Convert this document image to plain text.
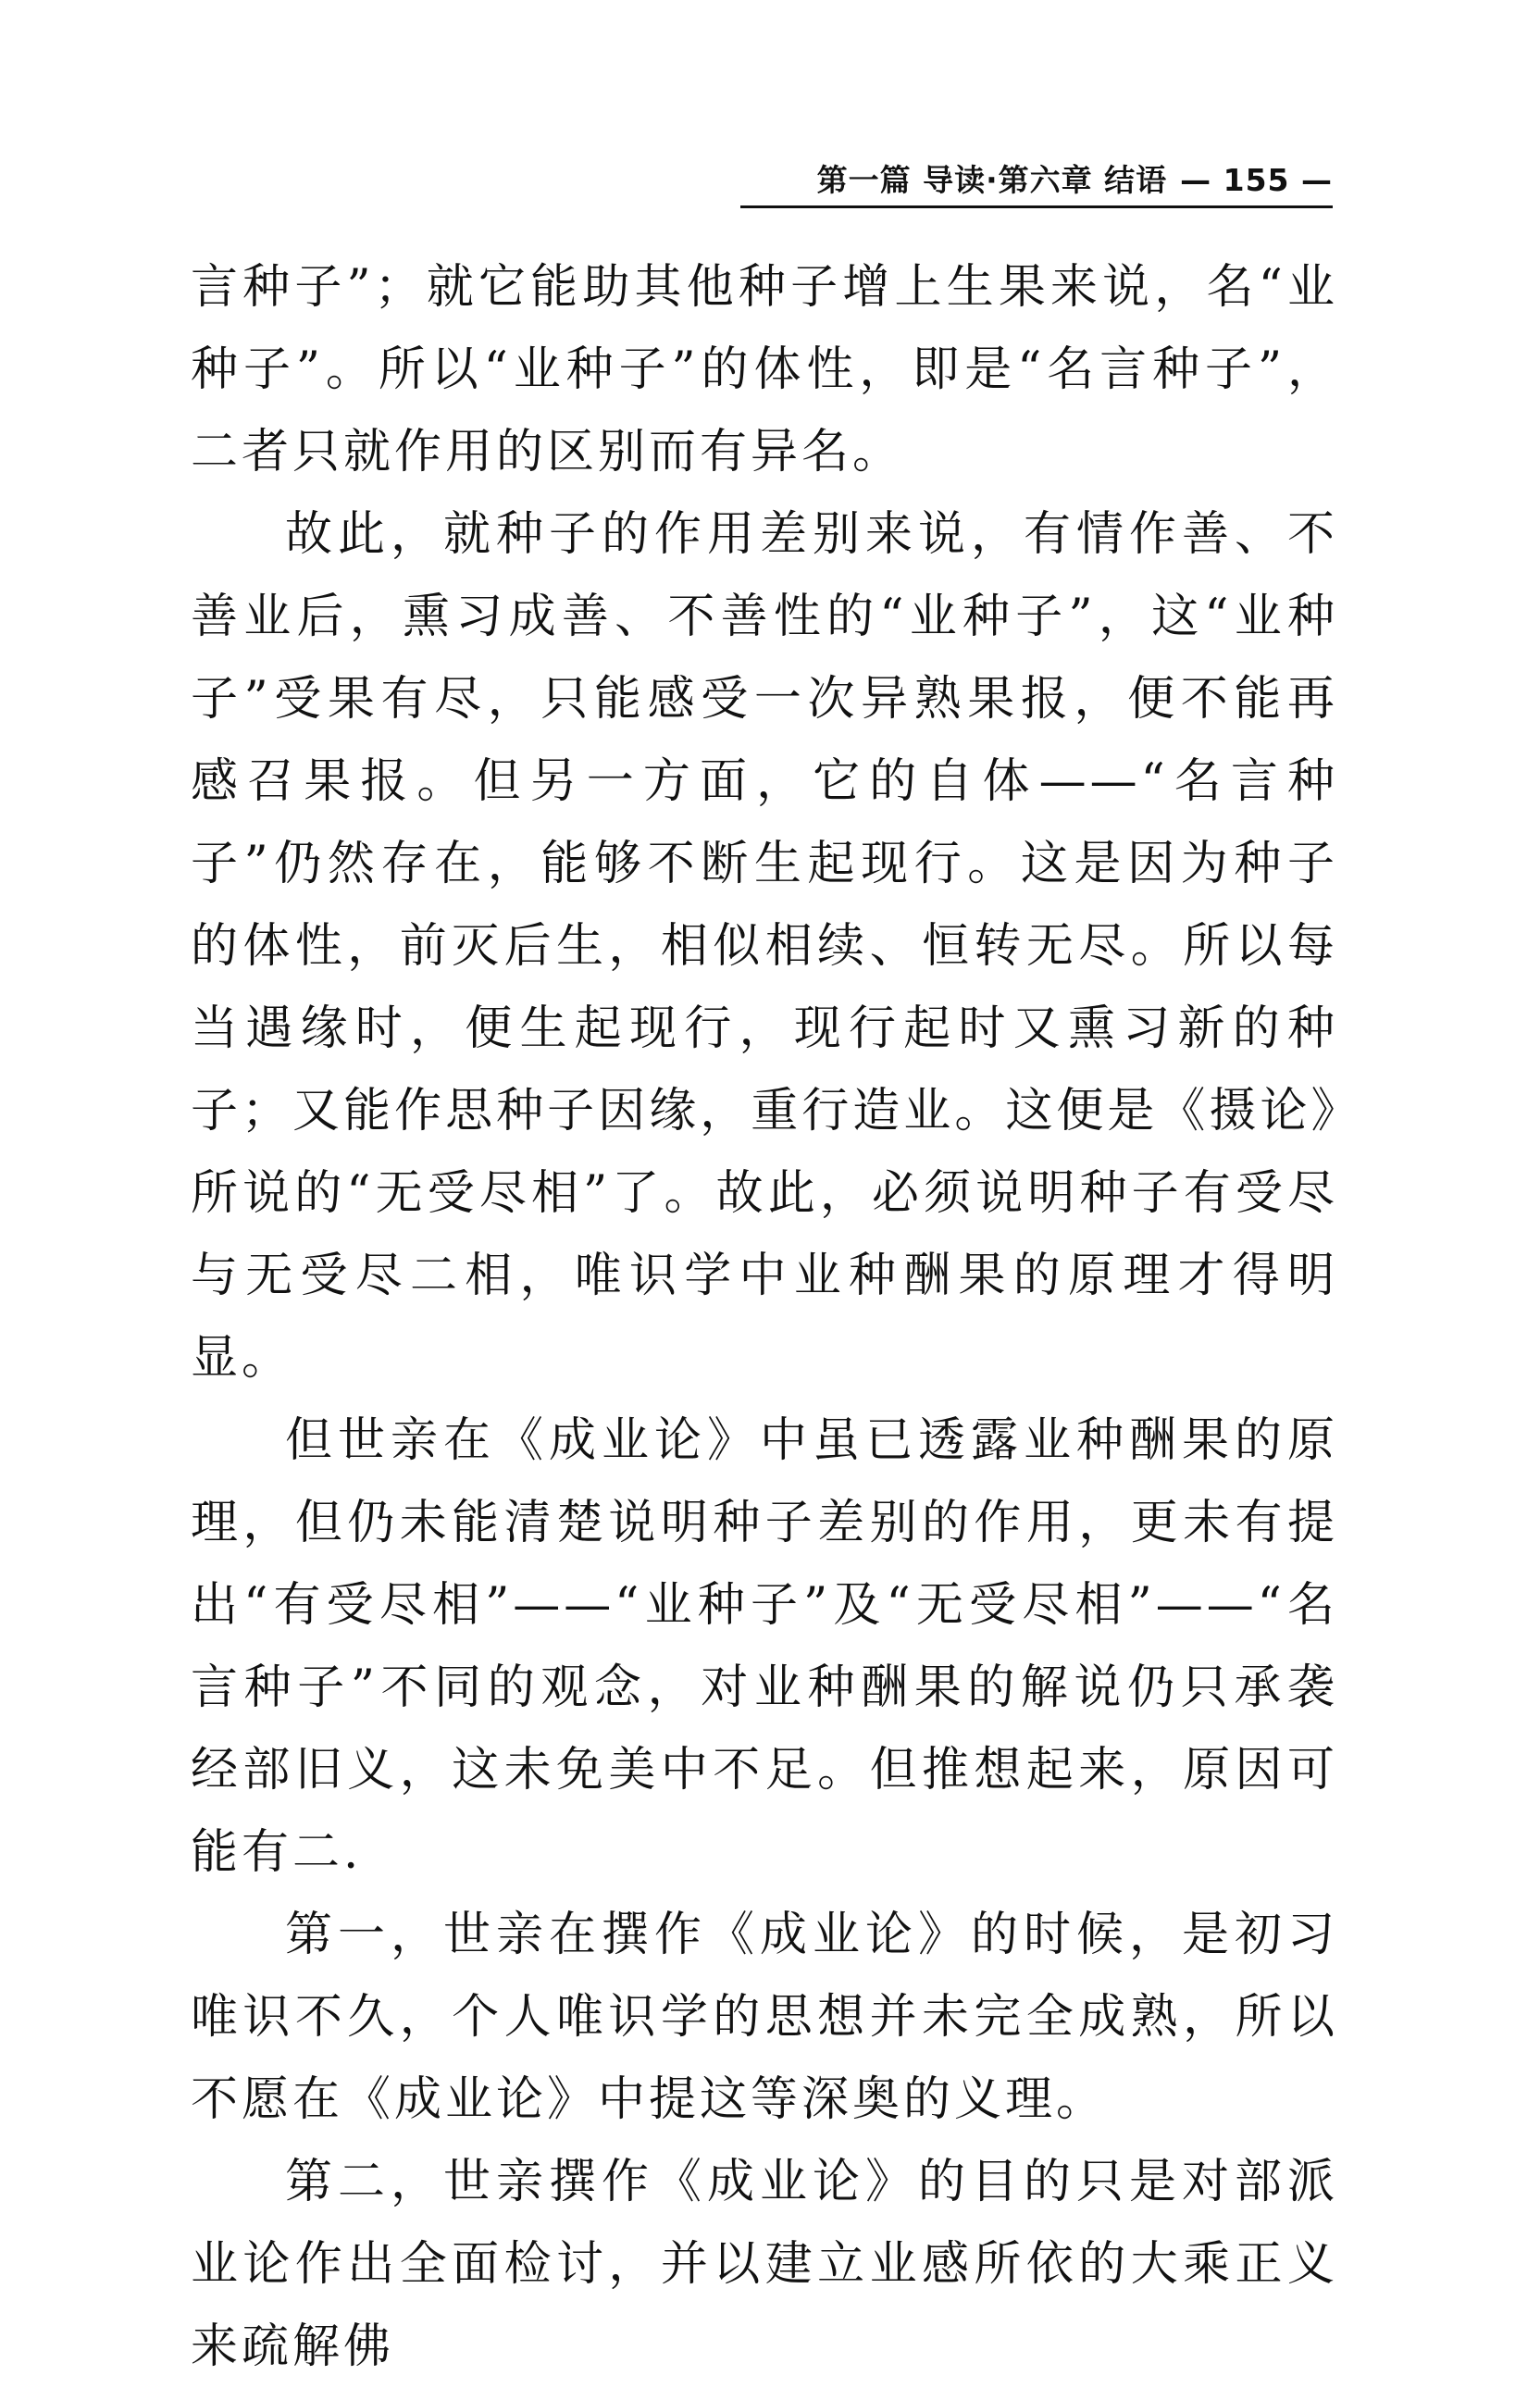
第一篇 导读·第六章 结语 — 155 —

言种子”；就它能助其他种子增上生果来说，名“业种子”。所以“业种子”的体性，即是“名言种子”，二者只就作用的区别而有异名。

故此，就种子的作用差别来说，有情作善、不善业后，熏习成善、不善性的“业种子”，这“业种子”受果有尽，只能感受一次异熟果报，便不能再感召果报。但另一方面，它的自体——“名言种子”仍然存在，能够不断生起现行。这是因为种子的体性，前灭后生，相似相续、恒转无尽。所以每当遇缘时，便生起现行，现行起时又熏习新的种子；又能作思种子因缘，重行造业。这便是《摄论》所说的“无受尽相”了。故此，必须说明种子有受尽与无受尽二相，唯识学中业种酬果的原理才得明显。

但世亲在《成业论》中虽已透露业种酬果的原理，但仍未能清楚说明种子差别的作用，更未有提出“有受尽相”——“业种子”及“无受尽相”——“名言种子”不同的观念，对业种酬果的解说仍只承袭经部旧义，这未免美中不足。但推想起来，原因可能有二.

第一，世亲在撰作《成业论》的时候，是初习唯识不久，个人唯识学的思想并未完全成熟，所以不愿在《成业论》中提这等深奥的义理。

第二，世亲撰作《成业论》的目的只是对部派业论作出全面检讨，并以建立业感所依的大乘正义来疏解佛
